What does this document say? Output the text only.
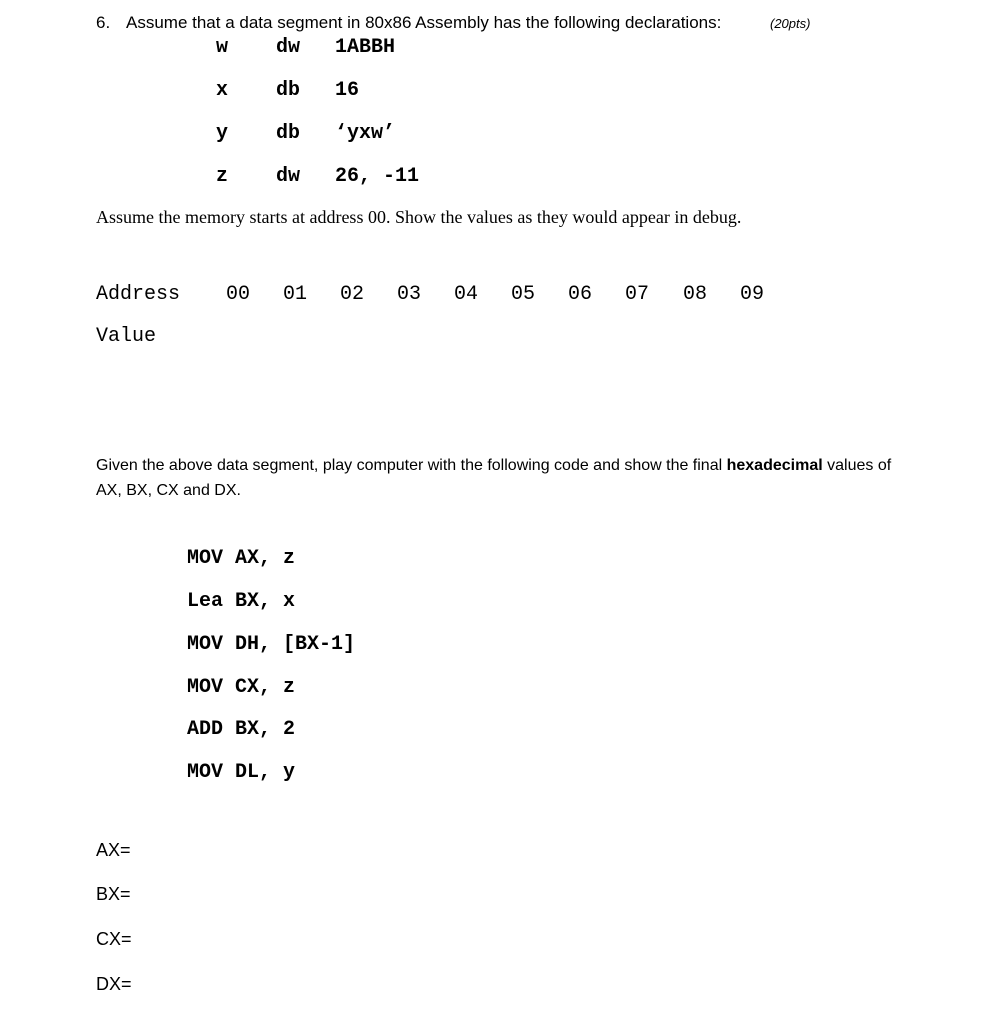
6. Assume that a data segment in 80x86 Assembly has the following declarations:	(20pts)
w dw 1ABBH
x db 16
y db ‘yxw’
z dw 26, -11
Assume the memory starts at address 00. Show the values as they would appear in debug.
Address 00 01 02 03 04 05 06 07 08 09
Value
Given the above data segment, play computer with the following code and show the final hexadecimal values of AX, BX, CX and DX.
MOV AX, z
Lea BX, x
MOV DH, [BX-1]
MOV CX, z
ADD BX, 2
MOV DL, y
AX=
BX=
CX=
DX=
